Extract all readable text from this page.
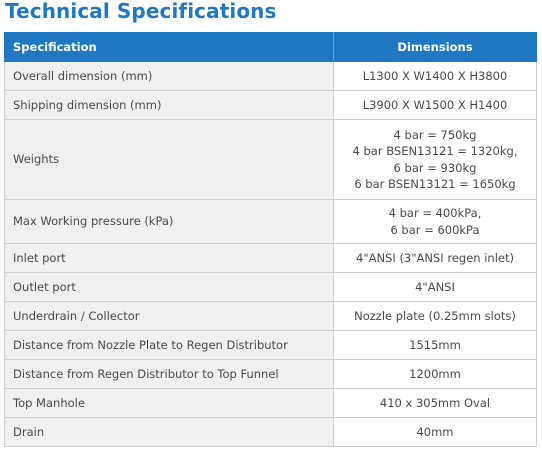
Technical Specifications
Specification	Dimensions
Overall dimension (mm)	L1300 X W1400 X H3800

Shipping dimension (mm)	L3900 X W1500 X H1400

Weights	4 bar = 750kg
4 bar BSEN13121 = 1320kg,
6 bar = 930kg
6 bar BSEN13121 = 1650kg

Max Working pressure (kPa)	4 bar = 400kPa,
6 bar = 600kPa

Inlet port	4"ANSI (3"ANSI regen inlet)

Outlet port	4"ANSI

Underdrain / Collector	Nozzle plate (0.25mm slots)

Distance from Nozzle Plate to Regen Distributor	1515mm

Distance from Regen Distributor to Top Funnel	1200mm

Top Manhole	410 x 305mm Oval

Drain	40mm
